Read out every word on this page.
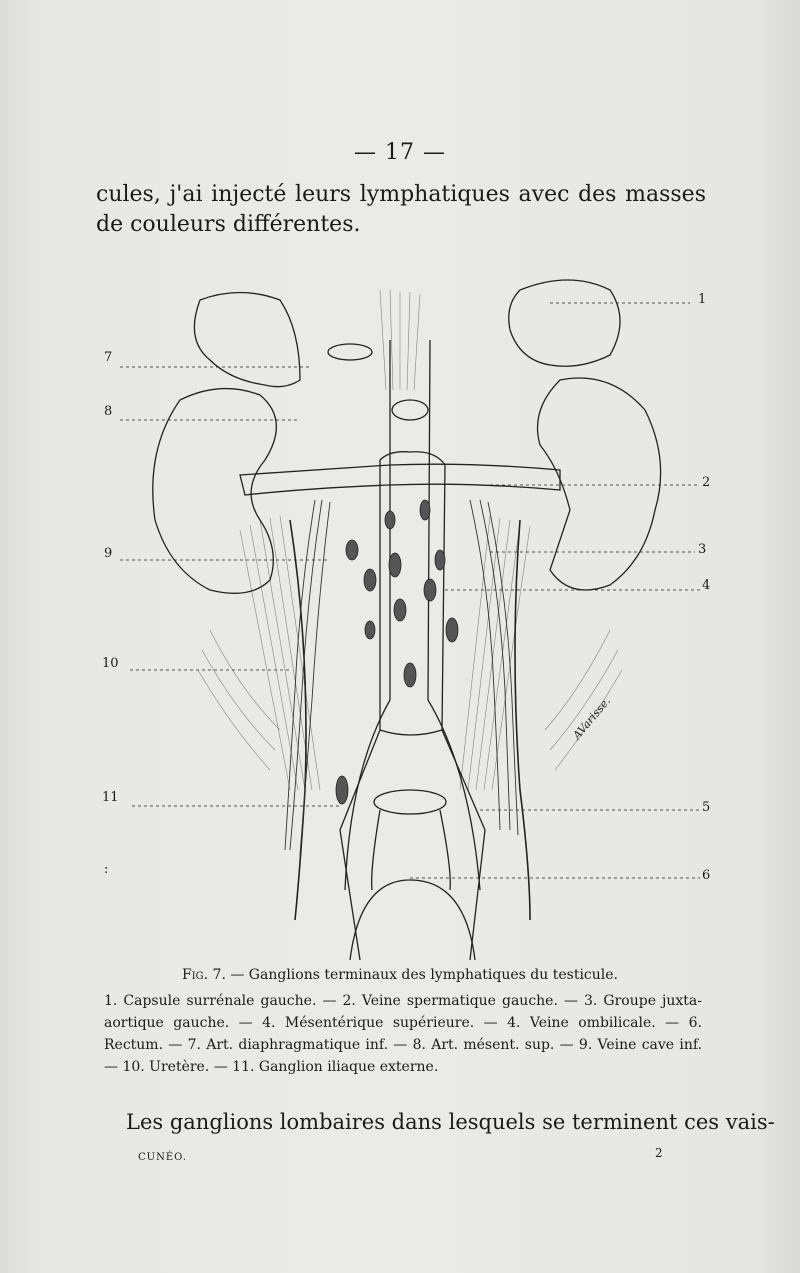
— 17 —
cules, j'ai injecté leurs lymphatiques avec des masses de couleurs différentes.
AVarisse.
7
8
9
10
11
:
1
2
3
4
5
6
Fig. 7. — Ganglions terminaux des lymphatiques du testicule.
1. Capsule surrénale gauche. — 2. Veine spermatique gauche. — 3. Groupe juxta-aortique gauche. — 4. Mésentérique supérieure. — 4. Veine ombilicale. — 6. Rectum. — 7. Art. diaphragmatique inf. — 8. Art. mésent. sup. — 9. Veine cave inf. — 10. Uretère. — 11. Ganglion iliaque externe.
Les ganglions lombaires dans lesquels se terminent ces vais-
CUNÉO.	2
